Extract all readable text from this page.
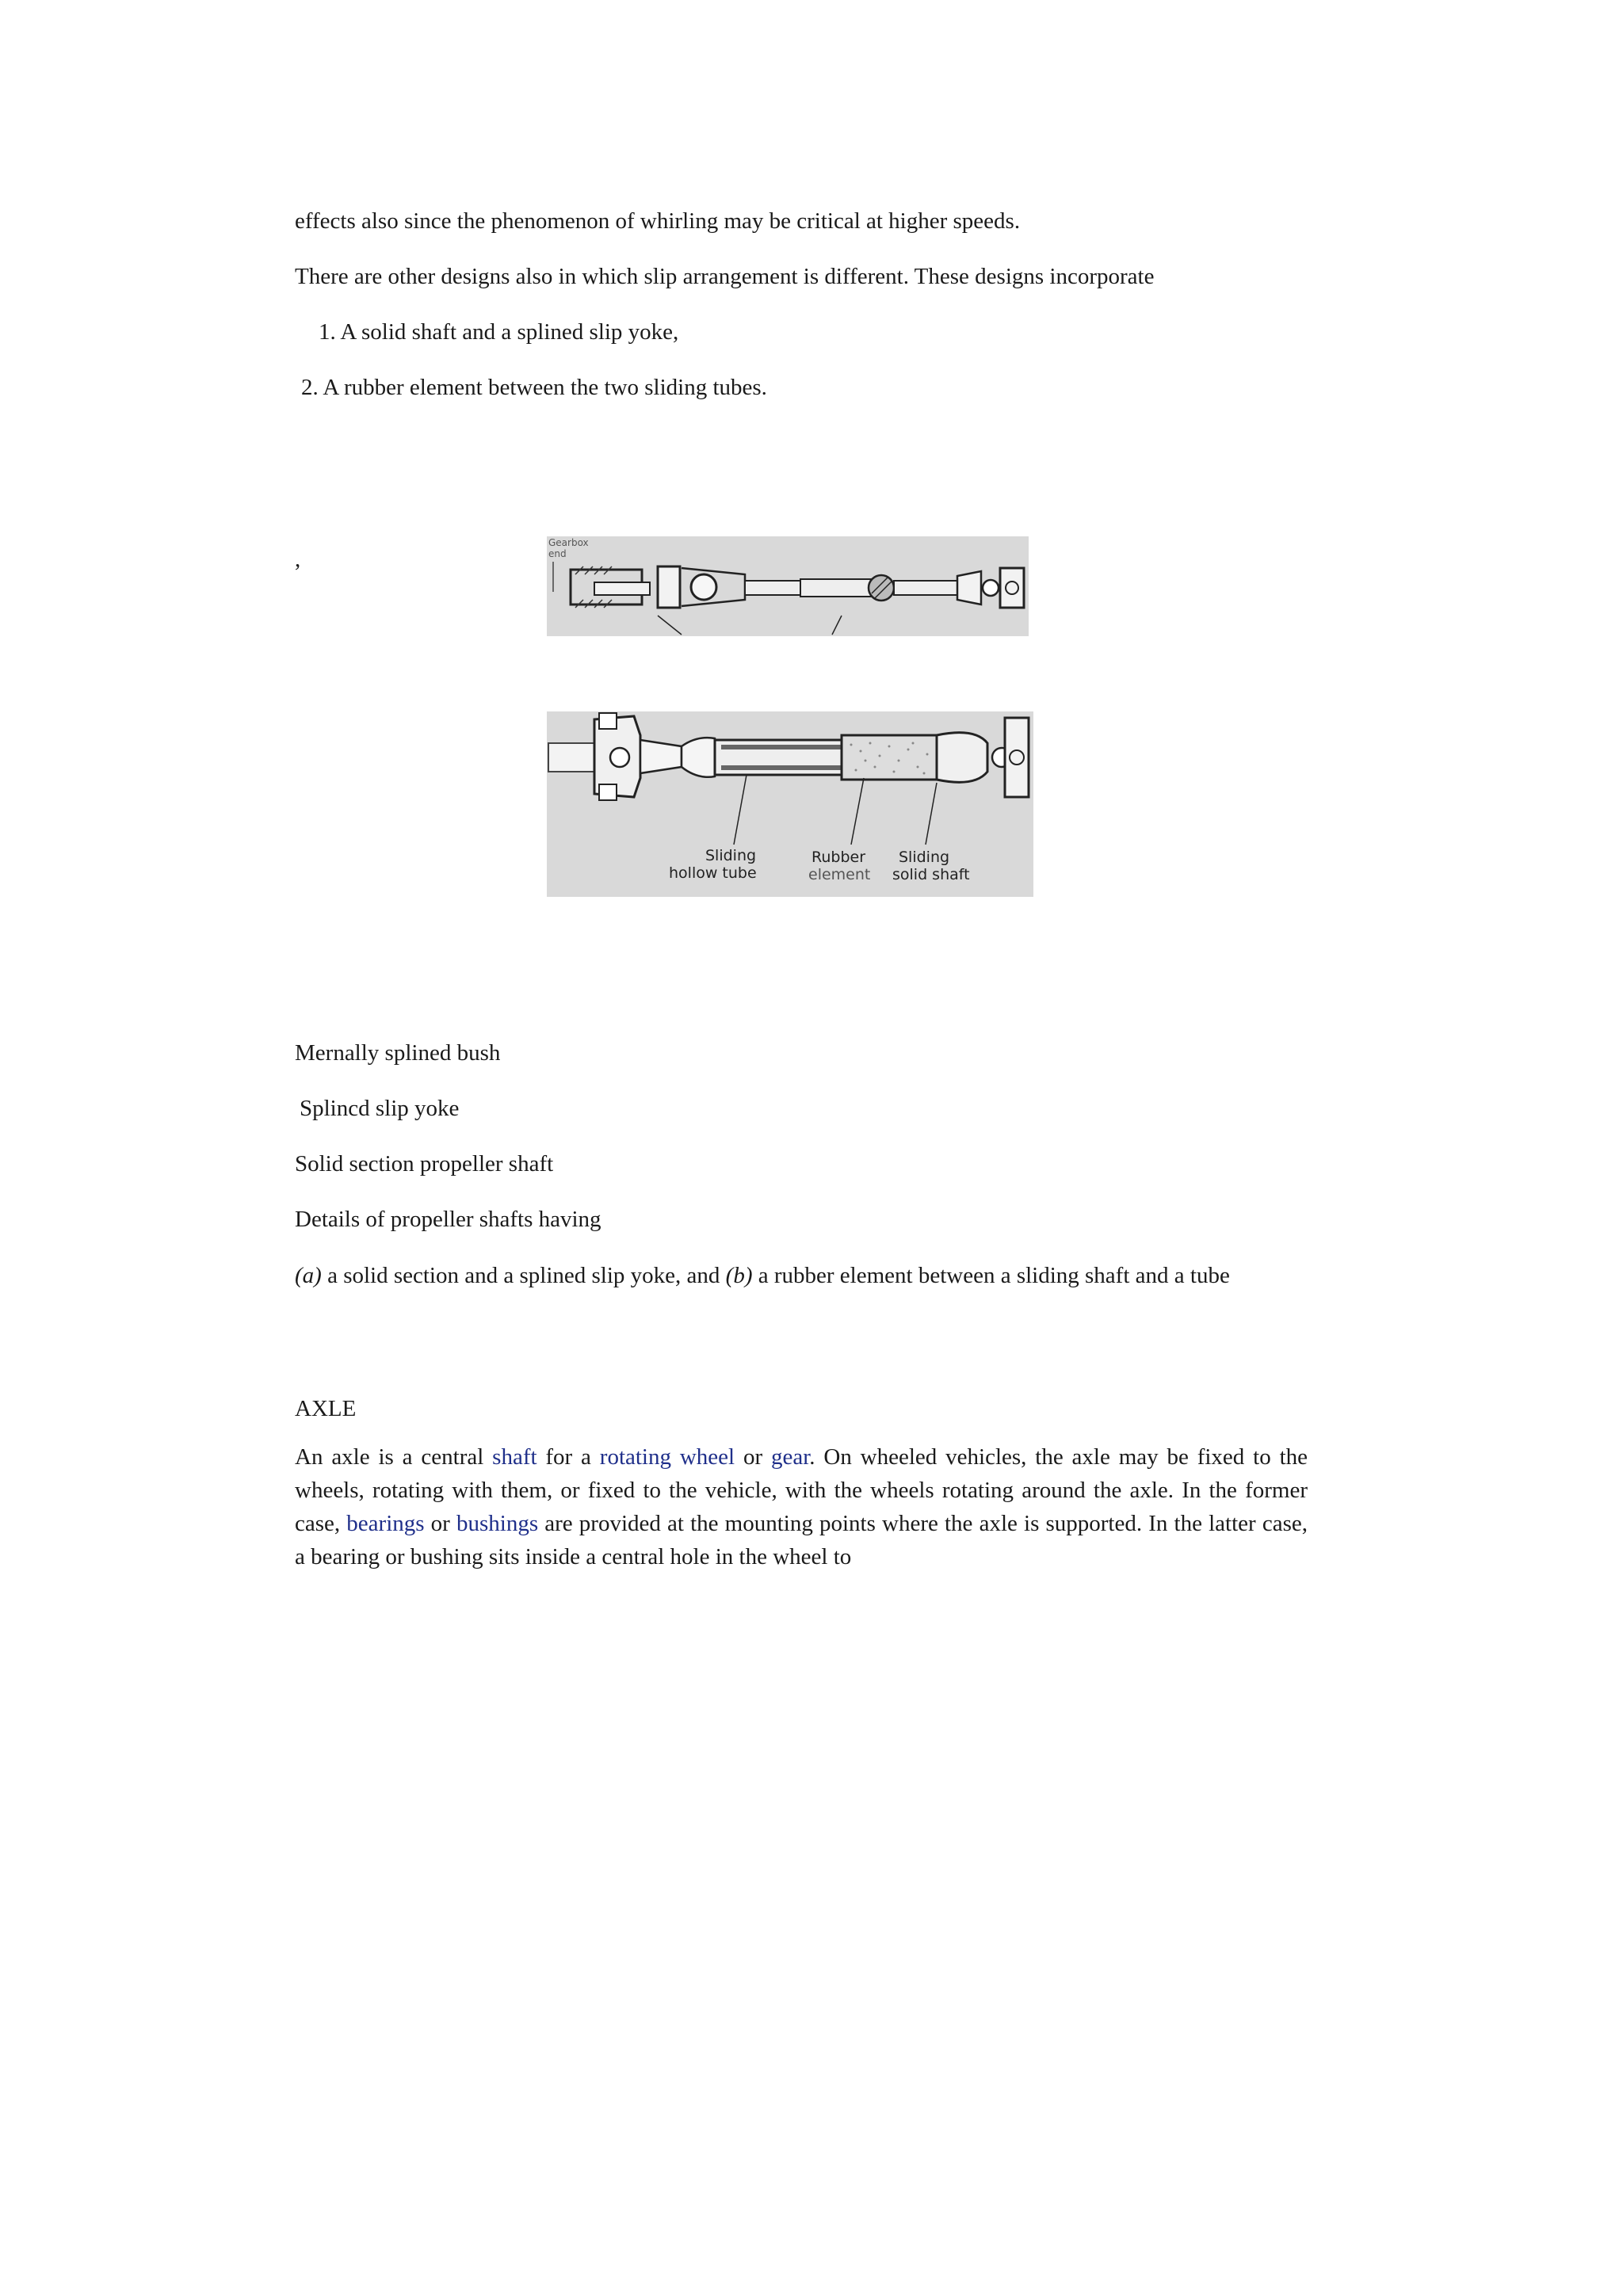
effects also since the phenomenon of whirling may be critical at higher speeds.
There are other designs also in which slip arrangement is different. These designs incorporate
1. A solid shaft and a splined slip yoke,
2. A rubber element between the two sliding tubes.
,
Gearbox
end
Sliding
hollow tube
Rubber
element
Sliding
solid shaft
Mernally splined bush
Splincd slip yoke
Solid section propeller shaft
Details of propeller shafts having
(a) a solid section and a splined slip yoke, and (b) a rubber element between a sliding shaft and a tube
AXLE
An axle is a central shaft for a rotating wheel or gear. On wheeled vehicles, the axle may be fixed to the wheels, rotating with them, or fixed to the vehicle, with the wheels rotating around the axle. In the former case, bearings or bushings are provided at the mounting points where the axle is supported. In the latter case, a bearing or bushing sits inside a central hole in the wheel to
